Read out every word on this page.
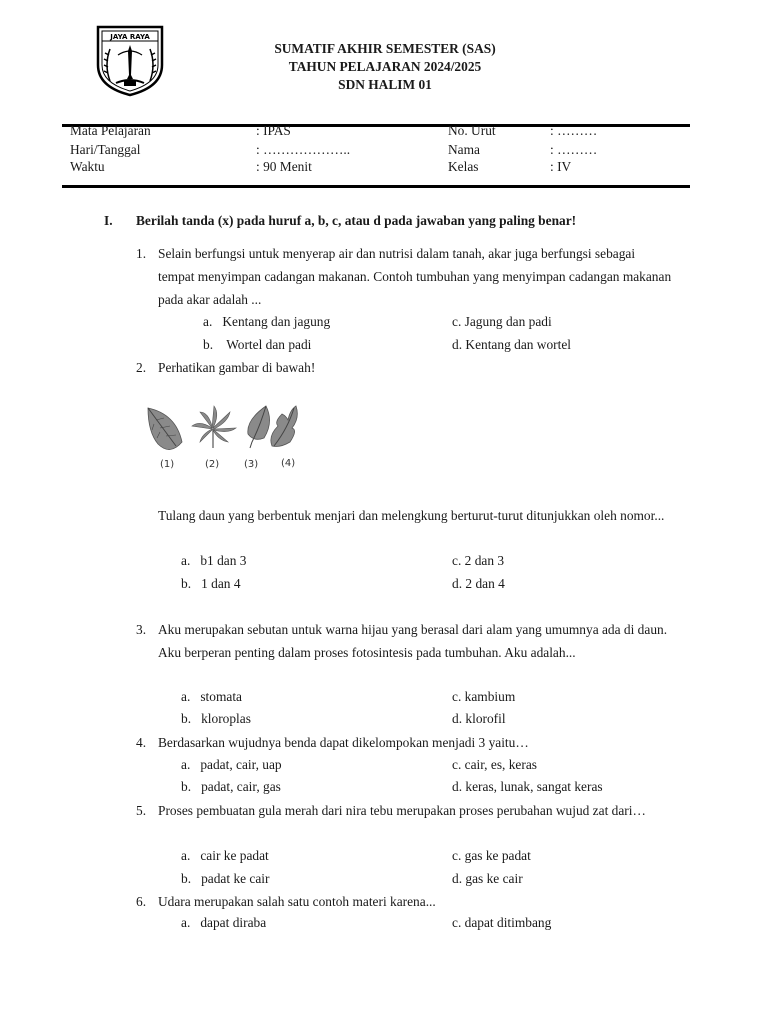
JAYA RAYA
SUMATIF AKHIR SEMESTER (SAS)
TAHUN PELAJARAN 2024/2025
SDN HALIM 01
Mata Pelajaran	: IPAS	No. Urut	: ………
Hari/Tanggal	: ………………..	Nama	: ………
Waktu	: 90 Menit	Kelas	: IV
I. Berilah tanda (x) pada huruf a, b, c, atau d pada jawaban yang paling benar!
1. Selain berfungsi untuk menyerap air dan nutrisi dalam tanah, akar juga berfungsi sebagai tempat menyimpan cadangan makanan. Contoh tumbuhan yang menyimpan cadangan makanan pada akar adalah ...
a. Kentang dan jagung
b. Wortel dan padi
c. Jagung dan padi
d. Kentang dan wortel
2. Perhatikan gambar di bawah!
(1)	(2) (3) (4)
Tulang daun yang berbentuk menjari dan melengkung berturut-turut ditunjukkan oleh nomor...
a. b1 dan 3
b. 1 dan 4
c. 2 dan 3
d. 2 dan 4
3. Aku merupakan sebutan untuk warna hijau yang berasal dari alam yang umumnya ada di daun. Aku berperan penting dalam proses fotosintesis pada tumbuhan. Aku adalah...
a. stomata
b. kloroplas
c. kambium
d. klorofil
4. Berdasarkan wujudnya benda dapat dikelompokan menjadi 3 yaitu…
a. padat, cair, uap
b. padat, cair, gas
c. cair, es, keras
d. keras, lunak, sangat keras
5. Proses pembuatan gula merah dari nira tebu merupakan proses perubahan wujud zat dari…
a. cair ke padat
b. padat ke cair
c. gas ke padat
d. gas ke cair
6. Udara merupakan salah satu contoh materi karena...
a. dapat diraba	c. dapat ditimbang
